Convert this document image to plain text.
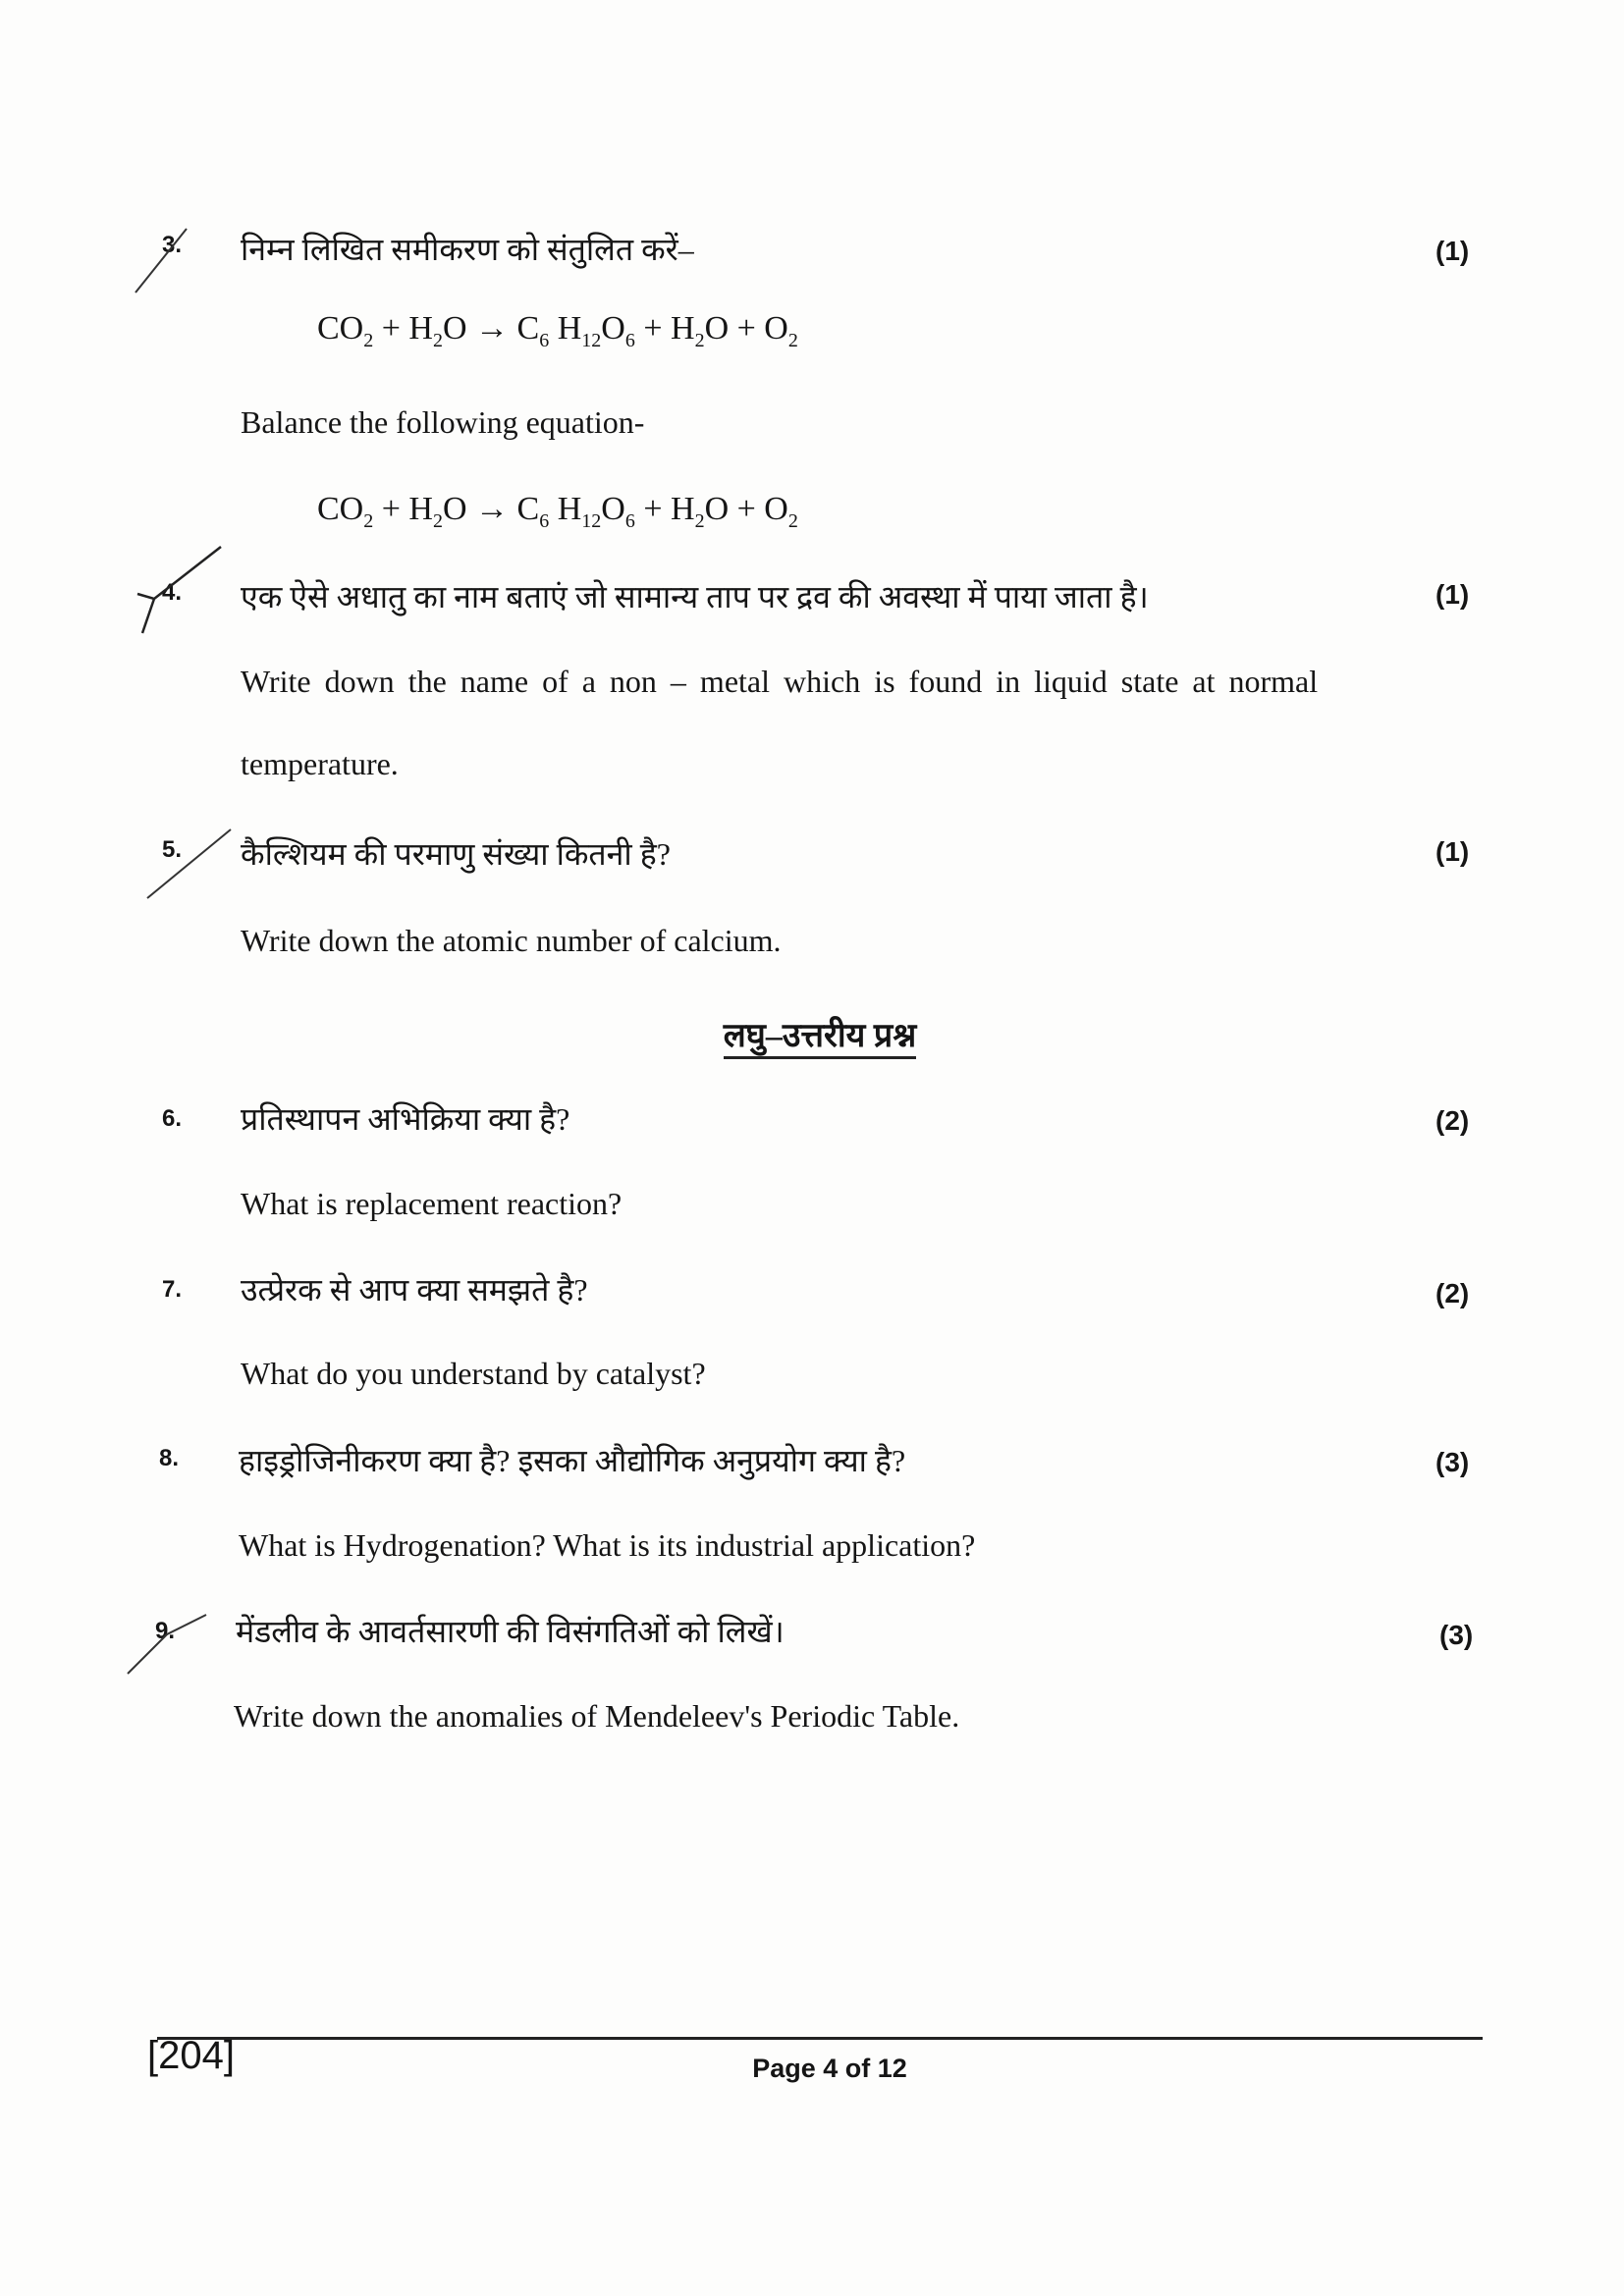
3. निम्न लिखित समीकरण को संतुलित करें–	(1)
$CO_2 + H_2O \to C_6$ $H_{12}O_6 + H_2O + O_2$
Balance the following equation-
$CO_2 + H_2O \to C_6$ $H_{12}O_6 + H_2O + O_2$
4. एक ऐसे अधातु का नाम बताएं जो सामान्य ताप पर द्रव की अवस्था में पाया जाता है।	(1)
Write down the name of a non – metal which is found in liquid state at normal
temperature.
5. कैल्शियम की परमाणु संख्या कितनी है?	(1)
Write down the atomic number of calcium.
लघु–उत्तरीय प्रश्न
6. प्रतिस्थापन अभिक्रिया क्या है?	(2)
What is replacement reaction?
7. उत्प्रेरक से आप क्या समझते है?	(2)
What do you understand by catalyst?
8. हाइड्रोजिनीकरण क्या है? इसका औद्योगिक अनुप्रयोग क्या है?	(3)
What is Hydrogenation? What is its industrial application?
9. मेंडलीव के आवर्तसारणी की विसंगतिओं को लिखें।	(3)
Write down the anomalies of Mendeleev's Periodic Table.
[204]	Page 4 of 12
